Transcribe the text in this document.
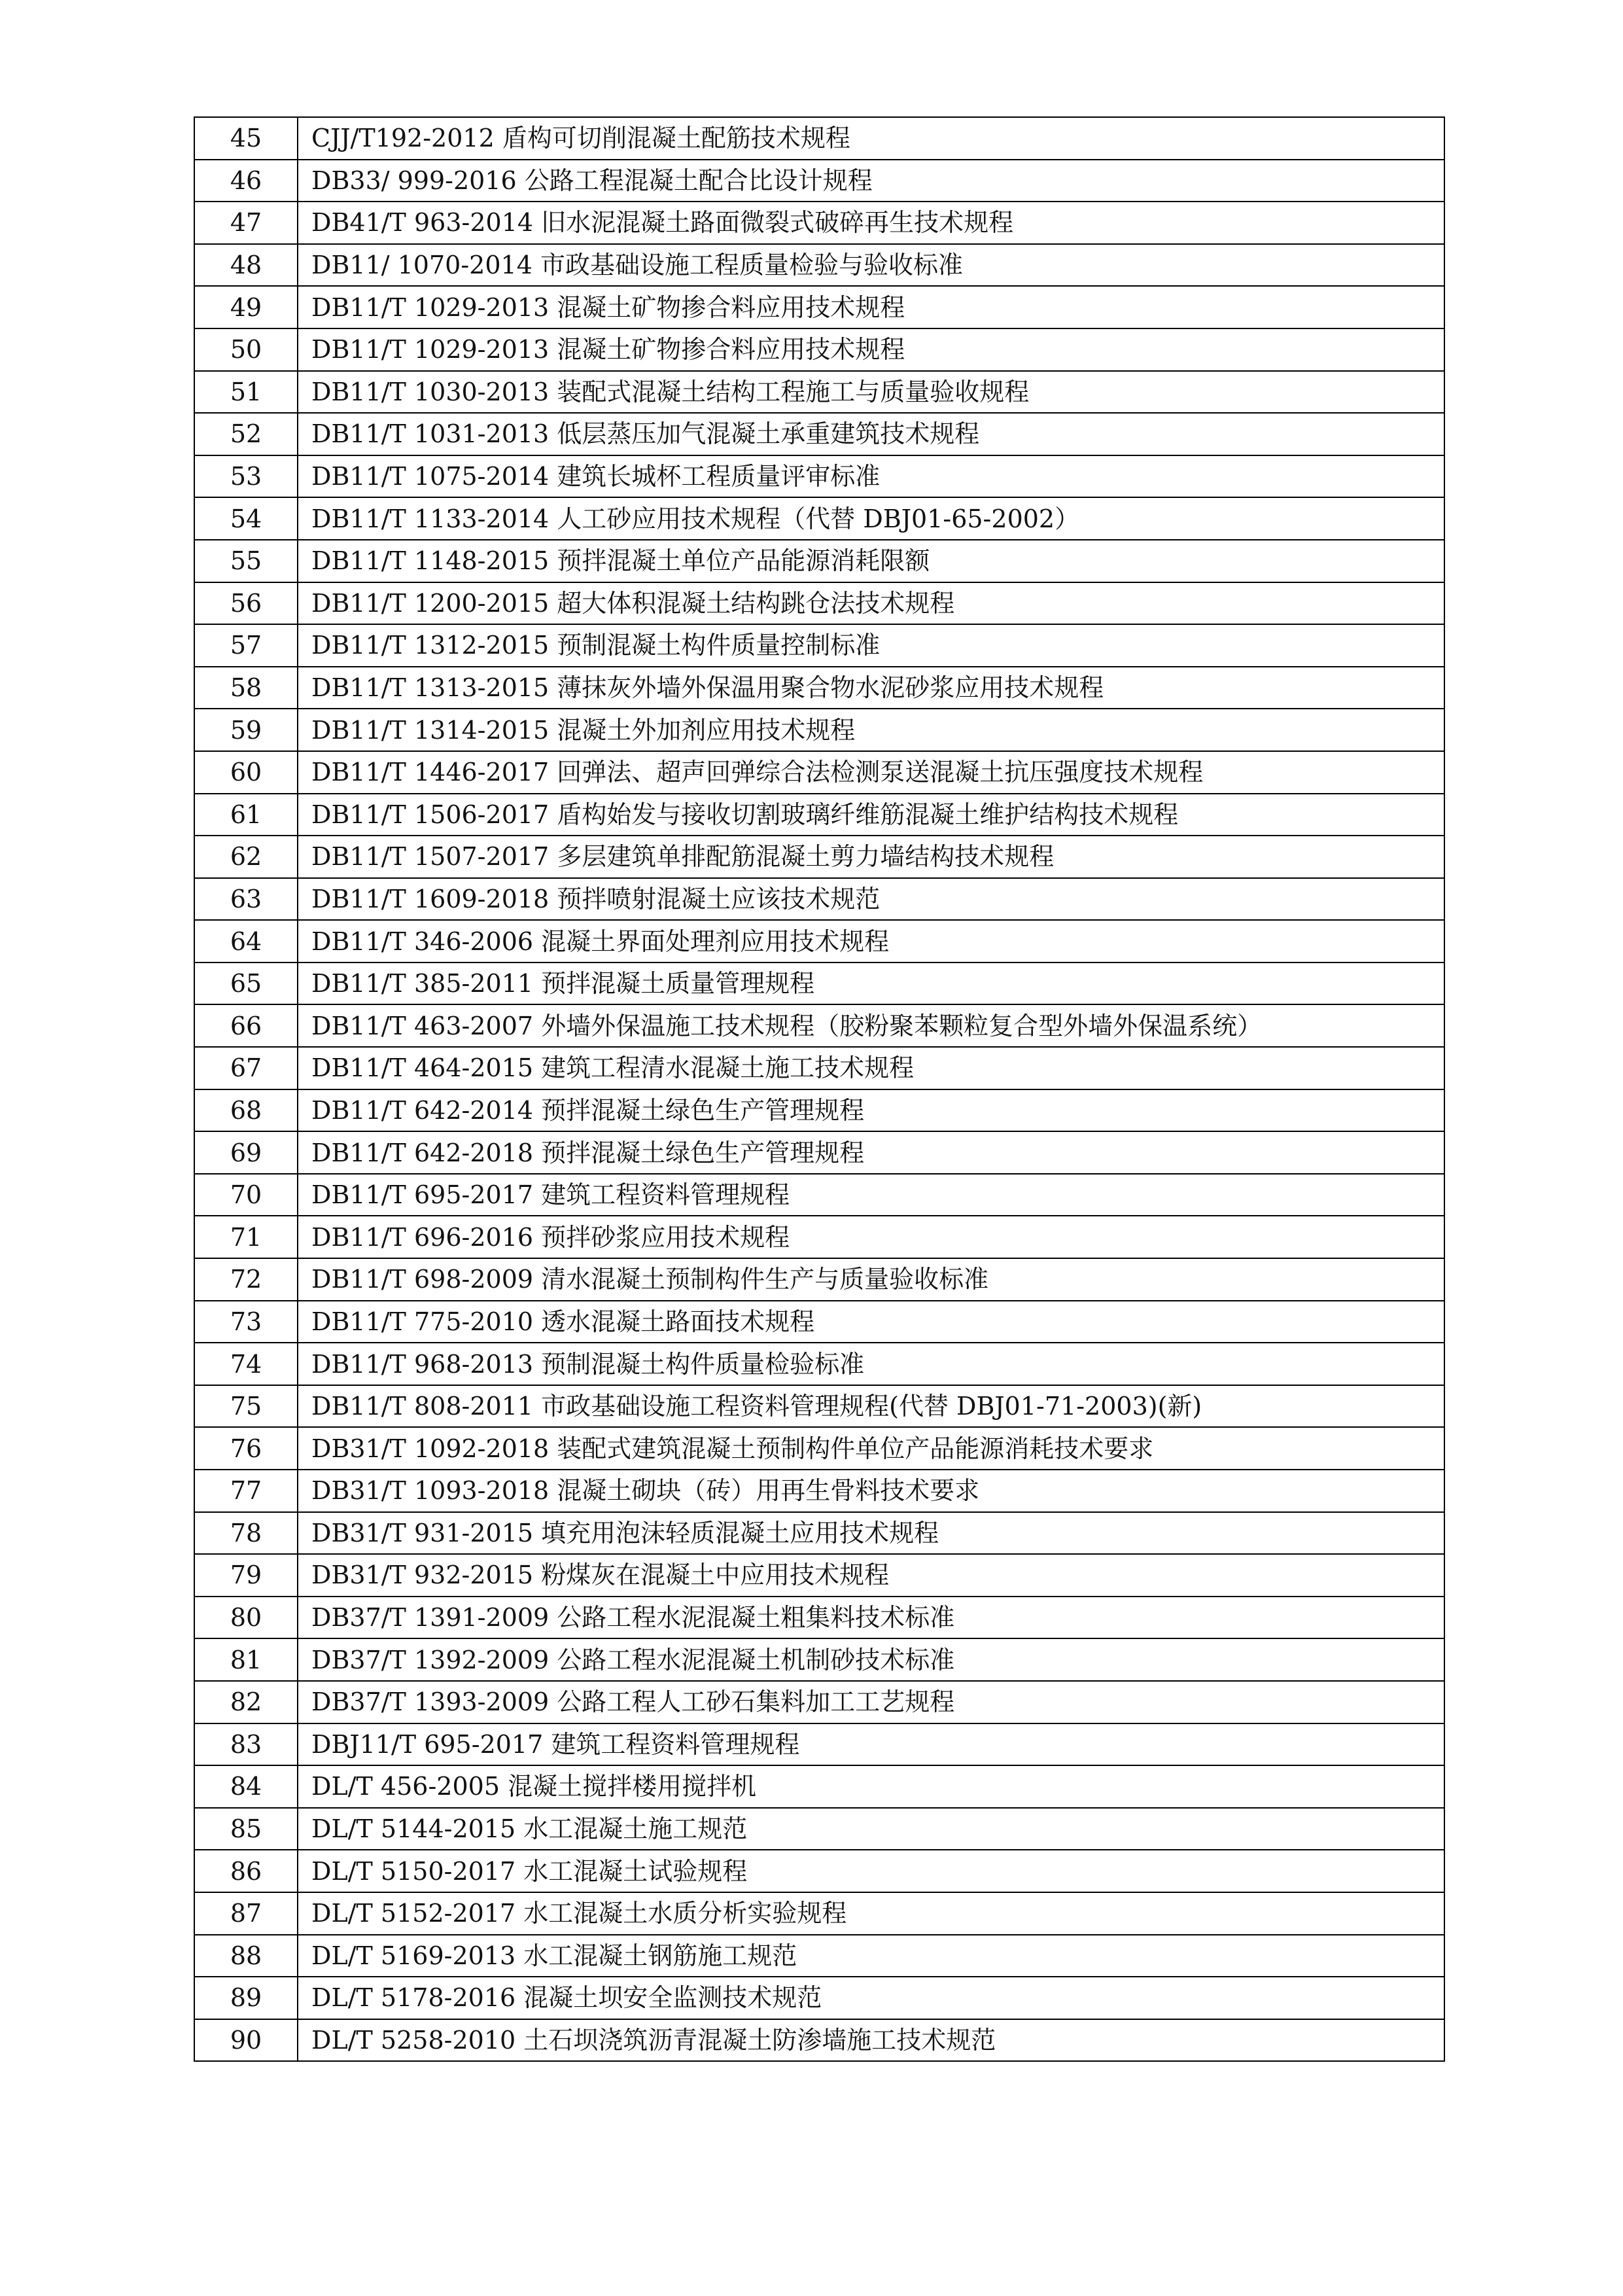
45	CJJ/T192-2012 盾构可切削混凝土配筋技术规程
46	DB33/ 999-2016 公路工程混凝土配合比设计规程
47	DB41/T 963-2014 旧水泥混凝土路面微裂式破碎再生技术规程
48	DB11/ 1070-2014 市政基础设施工程质量检验与验收标准
49	DB11/T 1029-2013 混凝土矿物掺合料应用技术规程
50	DB11/T 1029-2013 混凝土矿物掺合料应用技术规程
51	DB11/T 1030-2013 装配式混凝土结构工程施工与质量验收规程
52	DB11/T 1031-2013 低层蒸压加气混凝土承重建筑技术规程
53	DB11/T 1075-2014 建筑长城杯工程质量评审标准
54	DB11/T 1133-2014 人工砂应用技术规程（代替 DBJ01-65-2002）
55	DB11/T 1148-2015 预拌混凝土单位产品能源消耗限额
56	DB11/T 1200-2015 超大体积混凝土结构跳仓法技术规程
57	DB11/T 1312-2015 预制混凝土构件质量控制标准
58	DB11/T 1313-2015 薄抹灰外墙外保温用聚合物水泥砂浆应用技术规程
59	DB11/T 1314-2015 混凝土外加剂应用技术规程
60	DB11/T 1446-2017 回弹法、超声回弹综合法检测泵送混凝土抗压强度技术规程
61	DB11/T 1506-2017 盾构始发与接收切割玻璃纤维筋混凝土维护结构技术规程
62	DB11/T 1507-2017 多层建筑单排配筋混凝土剪力墙结构技术规程
63	DB11/T 1609-2018 预拌喷射混凝土应该技术规范
64	DB11/T 346-2006 混凝土界面处理剂应用技术规程
65	DB11/T 385-2011 预拌混凝土质量管理规程
66	DB11/T 463-2007 外墙外保温施工技术规程（胶粉聚苯颗粒复合型外墙外保温系统）
67	DB11/T 464-2015 建筑工程清水混凝土施工技术规程
68	DB11/T 642-2014 预拌混凝土绿色生产管理规程
69	DB11/T 642-2018 预拌混凝土绿色生产管理规程
70	DB11/T 695-2017 建筑工程资料管理规程
71	DB11/T 696-2016 预拌砂浆应用技术规程
72	DB11/T 698-2009 清水混凝土预制构件生产与质量验收标准
73	DB11/T 775-2010 透水混凝土路面技术规程
74	DB11/T 968-2013 预制混凝土构件质量检验标准
75	DB11/T 808-2011 市政基础设施工程资料管理规程(代替 DBJ01-71-2003)(新)
76	DB31/T 1092-2018 装配式建筑混凝土预制构件单位产品能源消耗技术要求
77	DB31/T 1093-2018 混凝土砌块（砖）用再生骨料技术要求
78	DB31/T 931-2015 填充用泡沫轻质混凝土应用技术规程
79	DB31/T 932-2015 粉煤灰在混凝土中应用技术规程
80	DB37/T 1391-2009 公路工程水泥混凝土粗集料技术标准
81	DB37/T 1392-2009 公路工程水泥混凝土机制砂技术标准
82	DB37/T 1393-2009 公路工程人工砂石集料加工工艺规程
83	DBJ11/T 695-2017 建筑工程资料管理规程
84	DL/T 456-2005 混凝土搅拌楼用搅拌机
85	DL/T 5144-2015 水工混凝土施工规范
86	DL/T 5150-2017 水工混凝土试验规程
87	DL/T 5152-2017 水工混凝土水质分析实验规程
88	DL/T 5169-2013 水工混凝土钢筋施工规范
89	DL/T 5178-2016 混凝土坝安全监测技术规范
90	DL/T 5258-2010 土石坝浇筑沥青混凝土防渗墙施工技术规范
